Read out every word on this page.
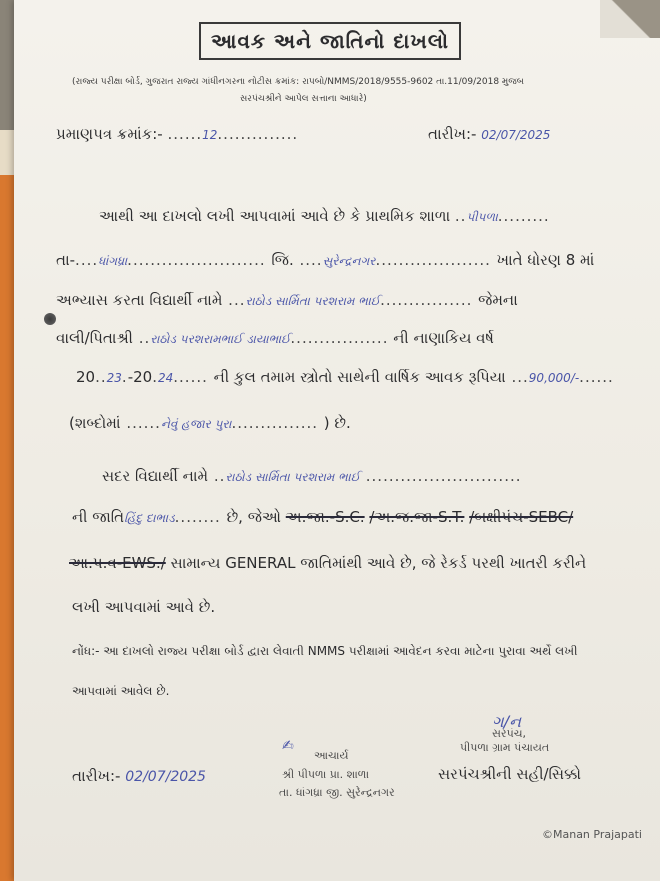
આવક અને જાતિનો દાખલો
(રાજ્ય પરીક્ષા બોર્ડ, ગુજરાત રાજ્ય ગાંધીનગરના નોટીસ ક્રમાંક: રાપબો/NMMS/2018/9555-9602 તા.11/09/2018 મુજબ
સરપંચશ્રીને આપેલ સત્તાના આધારે)
પ્રમાણપત્ર ક્રમાંક:- ......12..............	તારીખ:- 02/07/2025
આથી આ દાખલો લખી આપવામાં આવે છે કે પ્રાથમિક શાળા ..પીપળા.........
તા-....ધાંગધ્રા........................ જિ. ....સુરેન્દ્રનગર.................... ખાતે ધોરણ 8 માં
અભ્યાસ કરતા વિદ્યાર્થી નામે ...રાઠોડ સાર્મિતા પરશરામ ભાઈ................ જેમના
વાલી/પિતાશ્રી ..રાઠોડ પરશરામભાઈ ડાયાભાઈ................. ની નાણાકિય વર્ષ
20..23.-20.24...... ની કુલ તમામ સ્ત્રોતો સાથેની વાર્ષિક આવક રૂપિયા ...90,000/-......
(શબ્દોમાં ......નેવું હજાર પુરા............... ) છે.
સદર વિદ્યાર્થી નામે ..રાઠોડ સાર્મિતા પરશરામ ભાઈ ...........................
ની જાતિહિંદુ દાભાડ........ છે, જેઓ અ.જા.-S.C. /અ.જ.જા-S.T. /બક્ષીપંચ-SEBC/
આ.પ.વ-EWS./ સામાન્ય GENERAL જાતિમાંથી આવે છે, જે રેકર્ડ પરથી ખાતરી કરીને
લખી આપવામાં આવે છે.
નોંધ:- આ દાખલો રાજ્ય પરીક્ષા બોર્ડ દ્વારા લેવાતી NMMS પરીક્ષામાં આવેદન કરવા માટેના પુરાવા અર્થે લખી
આપવામાં આવેલ છે.
ગ/ન
સરપંચ,
પીપળા ગ્રામ પંચાયત
✍
આચાર્ય
શ્રી પીપળા પ્રા. શાળા
તા. ધાંગધ્રા જી. સુરેન્દ્રનગર
તારીખ:- 02/07/2025	સરપંચશ્રીની સહી/સિક્કો
©Manan Prajapati
